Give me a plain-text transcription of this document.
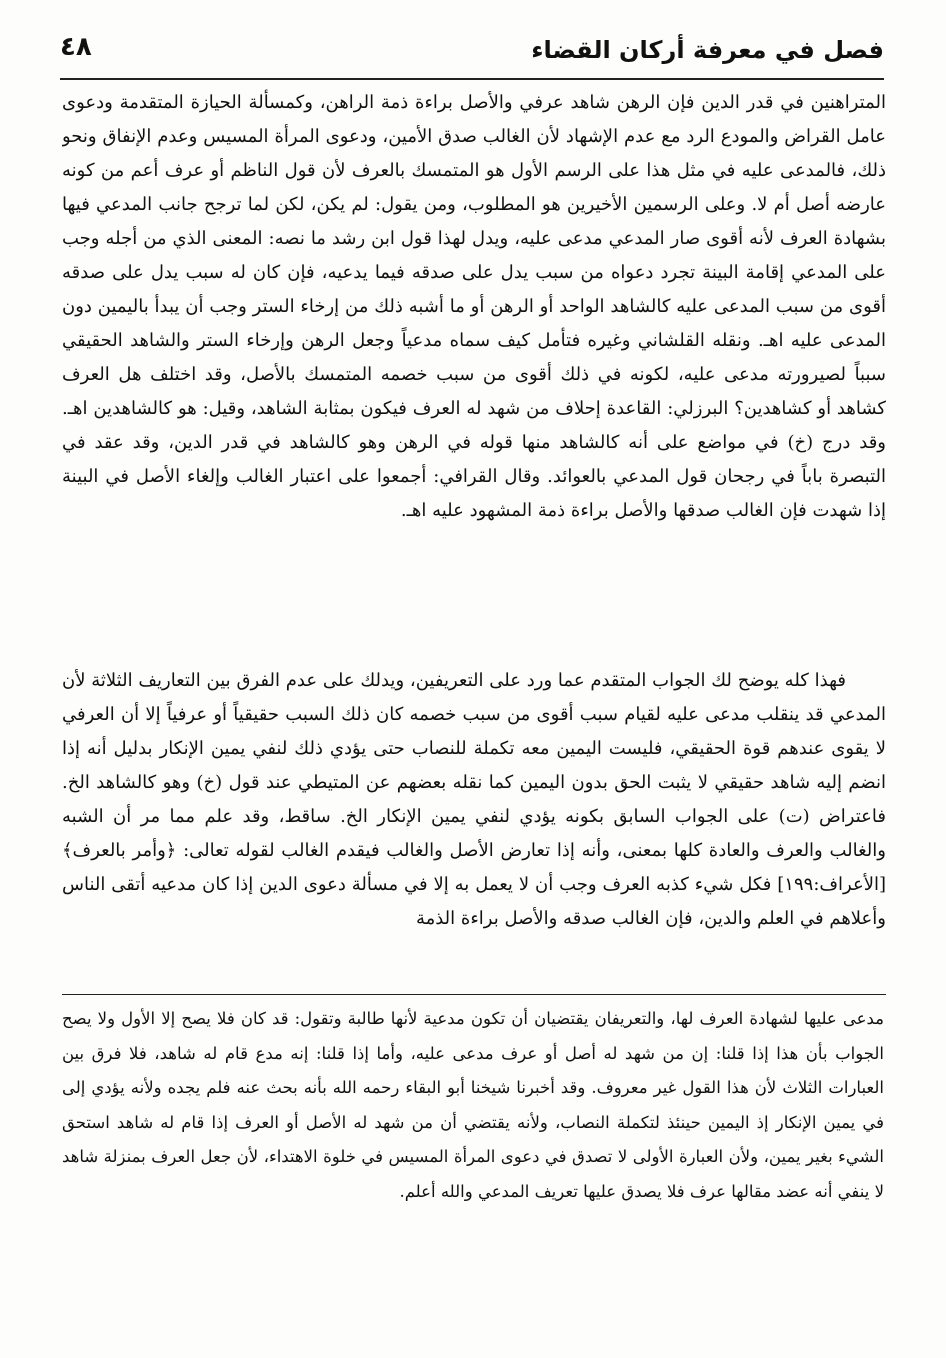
فصل في معرفة أركان القضاء
٤٨

المتراهنين في قدر الدين فإن الرهن شاهد عرفي والأصل براءة ذمة الراهن، وكمسألة الحيازة المتقدمة ودعوى عامل القراض والمودع الرد مع عدم الإشهاد لأن الغالب صدق الأمين، ودعوى المرأة المسيس وعدم الإنفاق ونحو ذلك، فالمدعى عليه في مثل هذا على الرسم الأول هو المتمسك بالعرف لأن قول الناظم أو عرف أعم من كونه عارضه أصل أم لا. وعلى الرسمين الأخيرين هو المطلوب، ومن يقول: لم يكن، لكن لما ترجح جانب المدعي فيها بشهادة العرف لأنه أقوى صار المدعي مدعى عليه، ويدل لهذا قول ابن رشد ما نصه: المعنى الذي من أجله وجب على المدعي إقامة البينة تجرد دعواه من سبب يدل على صدقه فيما يدعيه، فإن كان له سبب يدل على صدقه أقوى من سبب المدعى عليه كالشاهد الواحد أو الرهن أو ما أشبه ذلك من إرخاء الستر وجب أن يبدأ باليمين دون المدعى عليه اهـ. ونقله القلشاني وغيره فتأمل كيف سماه مدعياً وجعل الرهن وإرخاء الستر والشاهد الحقيقي سبباً لصيرورته مدعى عليه، لكونه في ذلك أقوى من سبب خصمه المتمسك بالأصل، وقد اختلف هل العرف كشاهد أو كشاهدين؟ البرزلي: القاعدة إحلاف من شهد له العرف فيكون بمثابة الشاهد، وقيل: هو كالشاهدين اهـ. وقد درج (خ) في مواضع على أنه كالشاهد منها قوله في الرهن وهو كالشاهد في قدر الدين، وقد عقد في التبصرة باباً في رجحان قول المدعي بالعوائد. وقال القرافي: أجمعوا على اعتبار الغالب وإلغاء الأصل في البينة إذا شهدت فإن الغالب صدقها والأصل براءة ذمة المشهود عليه اهـ.

فهذا كله يوضح لك الجواب المتقدم عما ورد على التعريفين، ويدلك على عدم الفرق بين التعاريف الثلاثة لأن المدعي قد ينقلب مدعى عليه لقيام سبب أقوى من سبب خصمه كان ذلك السبب حقيقياً أو عرفياً إلا أن العرفي لا يقوى عندهم قوة الحقيقي، فليست اليمين معه تكملة للنصاب حتى يؤدي ذلك لنفي يمين الإنكار بدليل أنه إذا انضم إليه شاهد حقيقي لا يثبت الحق بدون اليمين كما نقله بعضهم عن المتيطي عند قول (خ) وهو كالشاهد الخ. فاعتراض (ت) على الجواب السابق بكونه يؤدي لنفي يمين الإنكار الخ. ساقط، وقد علم مما مر أن الشبه والغالب والعرف والعادة كلها بمعنى، وأنه إذا تعارض الأصل والغالب فيقدم الغالب لقوله تعالى: ﴿وأمر بالعرف﴾ [الأعراف:١٩٩] فكل شيء كذبه العرف وجب أن لا يعمل به إلا في مسألة دعوى الدين إذا كان مدعيه أتقى الناس وأعلاهم في العلم والدين، فإن الغالب صدقه والأصل براءة الذمة

مدعى عليها لشهادة العرف لها، والتعريفان يقتضيان أن تكون مدعية لأنها طالبة وتقول: قد كان فلا يصح إلا الأول ولا يصح الجواب بأن هذا إذا قلنا: إن من شهد له أصل أو عرف مدعى عليه، وأما إذا قلنا: إنه مدع قام له شاهد، فلا فرق بين العبارات الثلاث لأن هذا القول غير معروف. وقد أخبرنا شيخنا أبو البقاء رحمه الله بأنه بحث عنه فلم يجده ولأنه يؤدي إلى في يمين الإنكار إذ اليمين حينئذ لتكملة النصاب، ولأنه يقتضي أن من شهد له الأصل أو العرف إذا قام له شاهد استحق الشيء بغير يمين، ولأن العبارة الأولى لا تصدق في دعوى المرأة المسيس في خلوة الاهتداء، لأن جعل العرف بمنزلة شاهد لا ينفي أنه عضد مقالها عرف فلا يصدق عليها تعريف المدعي والله أعلم.
